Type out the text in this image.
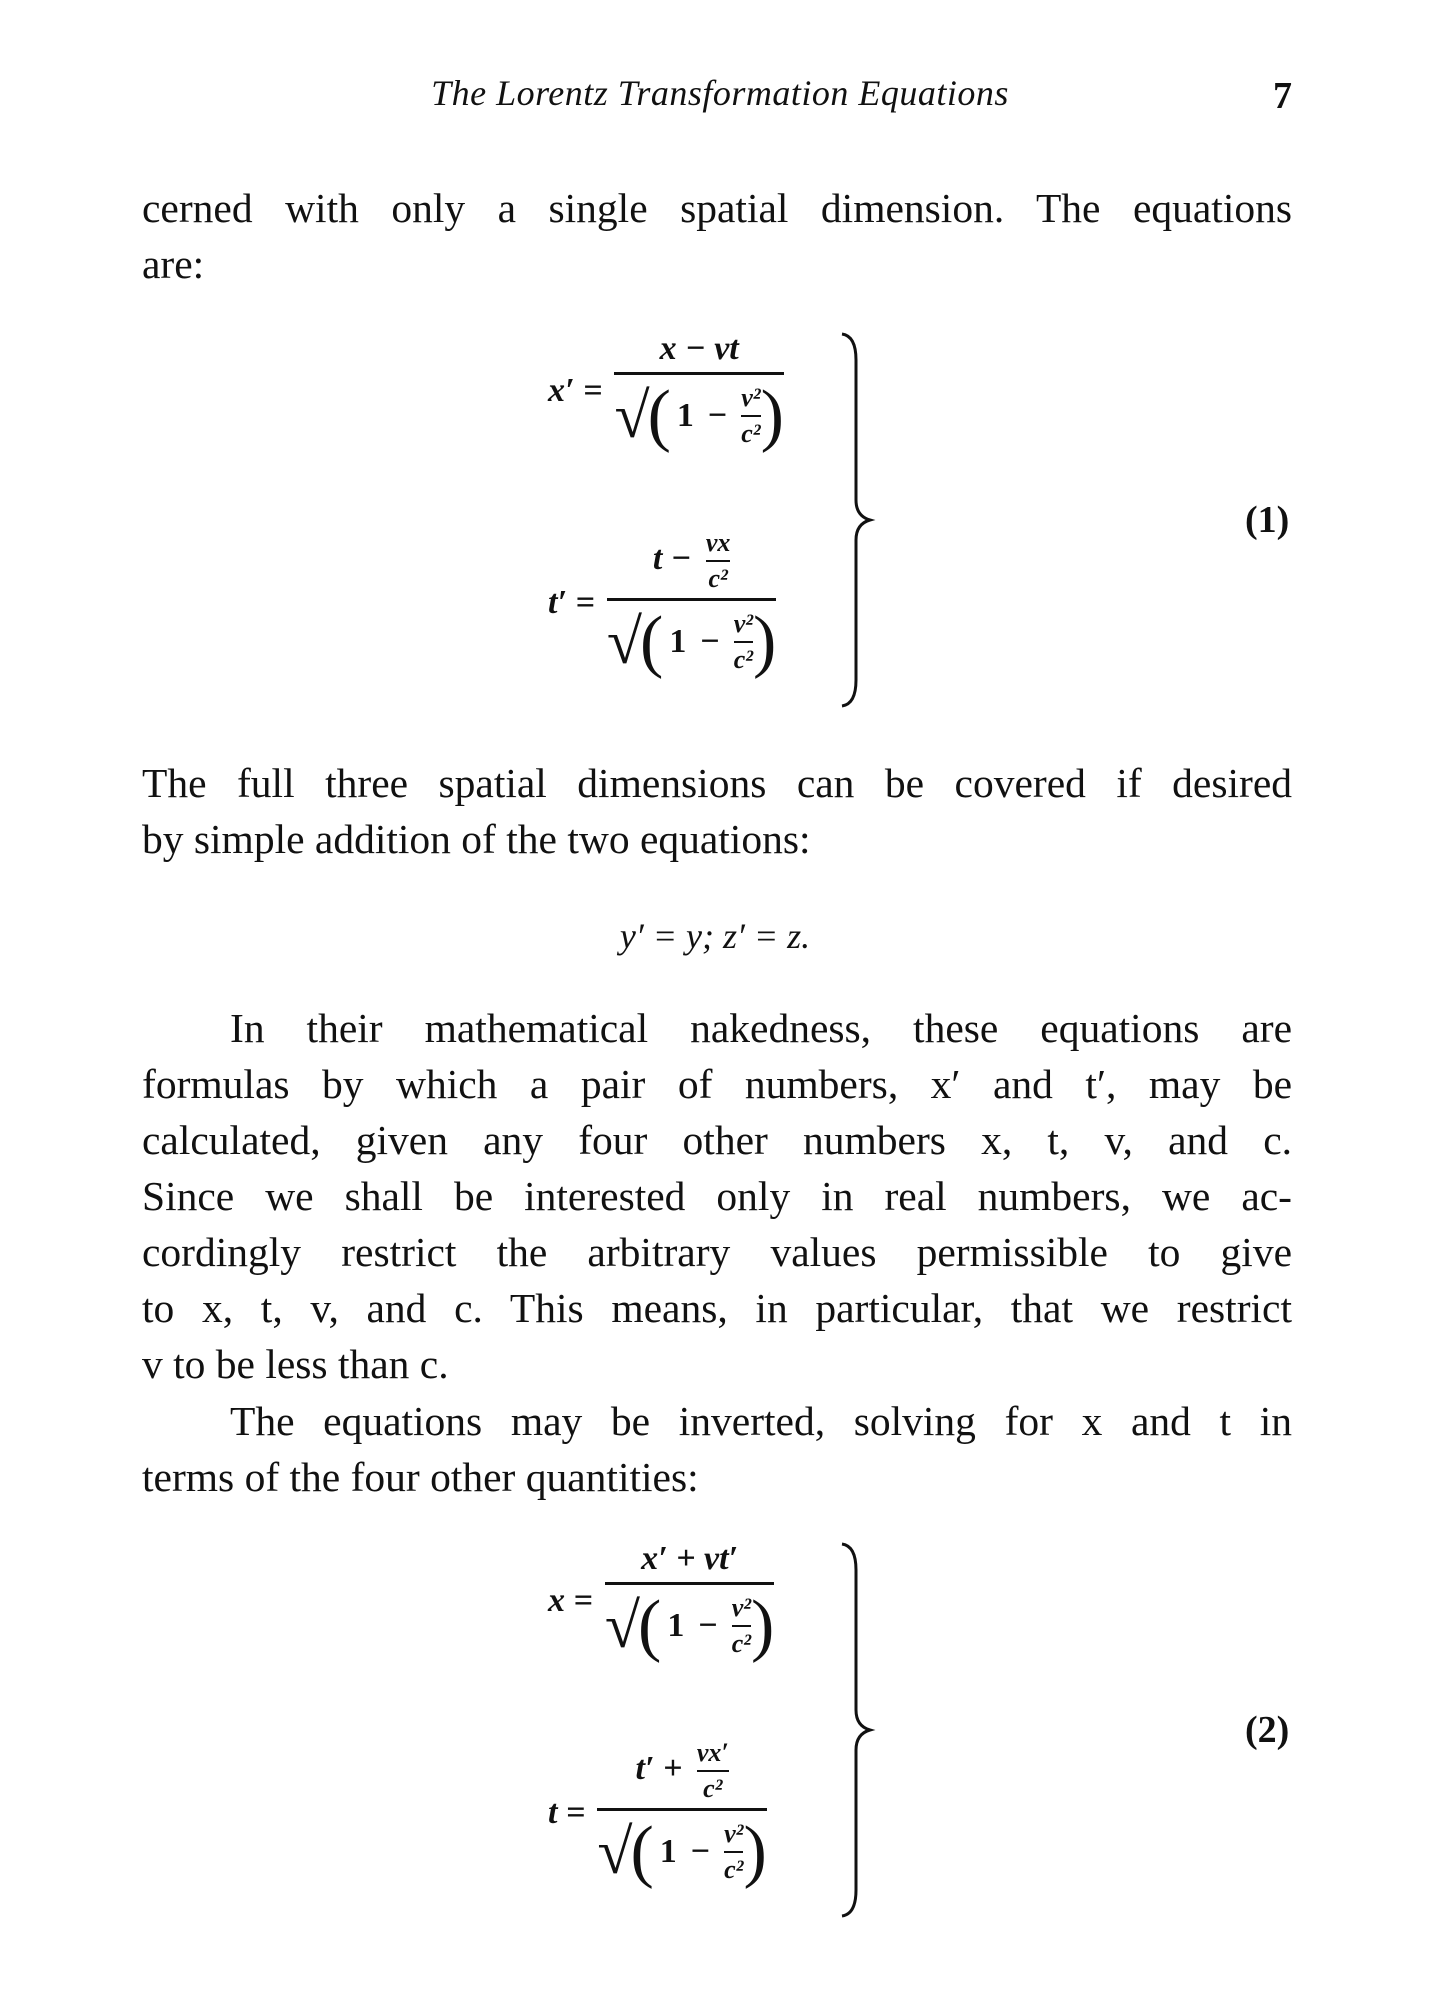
The Lorentz Transformation Equations	7

cerned with only a single spatial dimension. The equations
are:

x′ =
x − vt
√
( $1 - \frac{\text{v²}}{\text{c²}}$ )
t′ =
$t - \frac{vx}{\text{c²}}$
√
( $1 - \frac{\text{v²}}{\text{c²}}$ )
(1)

The full three spatial dimensions can be covered if desired
by simple addition of the two equations:

y′ = y; z′ = z.

In their mathematical nakedness, these equations are
formulas by which a pair of numbers, x′ and t′, may be
calculated, given any four other numbers x, t, v, and c.
Since we shall be interested only in real numbers, we ac-
cordingly restrict the arbitrary values permissible to give
to x, t, v, and c. This means, in particular, that we restrict
v to be less than c.

The equations may be inverted, solving for x and t in
terms of the four other quantities:

x =
x′ + vt′
√
( $1 - \frac{\text{v²}}{\text{c²}}$ )
t =
$t' + \frac{vx'}{\text{c²}}$
√
( $1 - \frac{\text{v²}}{\text{c²}}$ )
(2)
